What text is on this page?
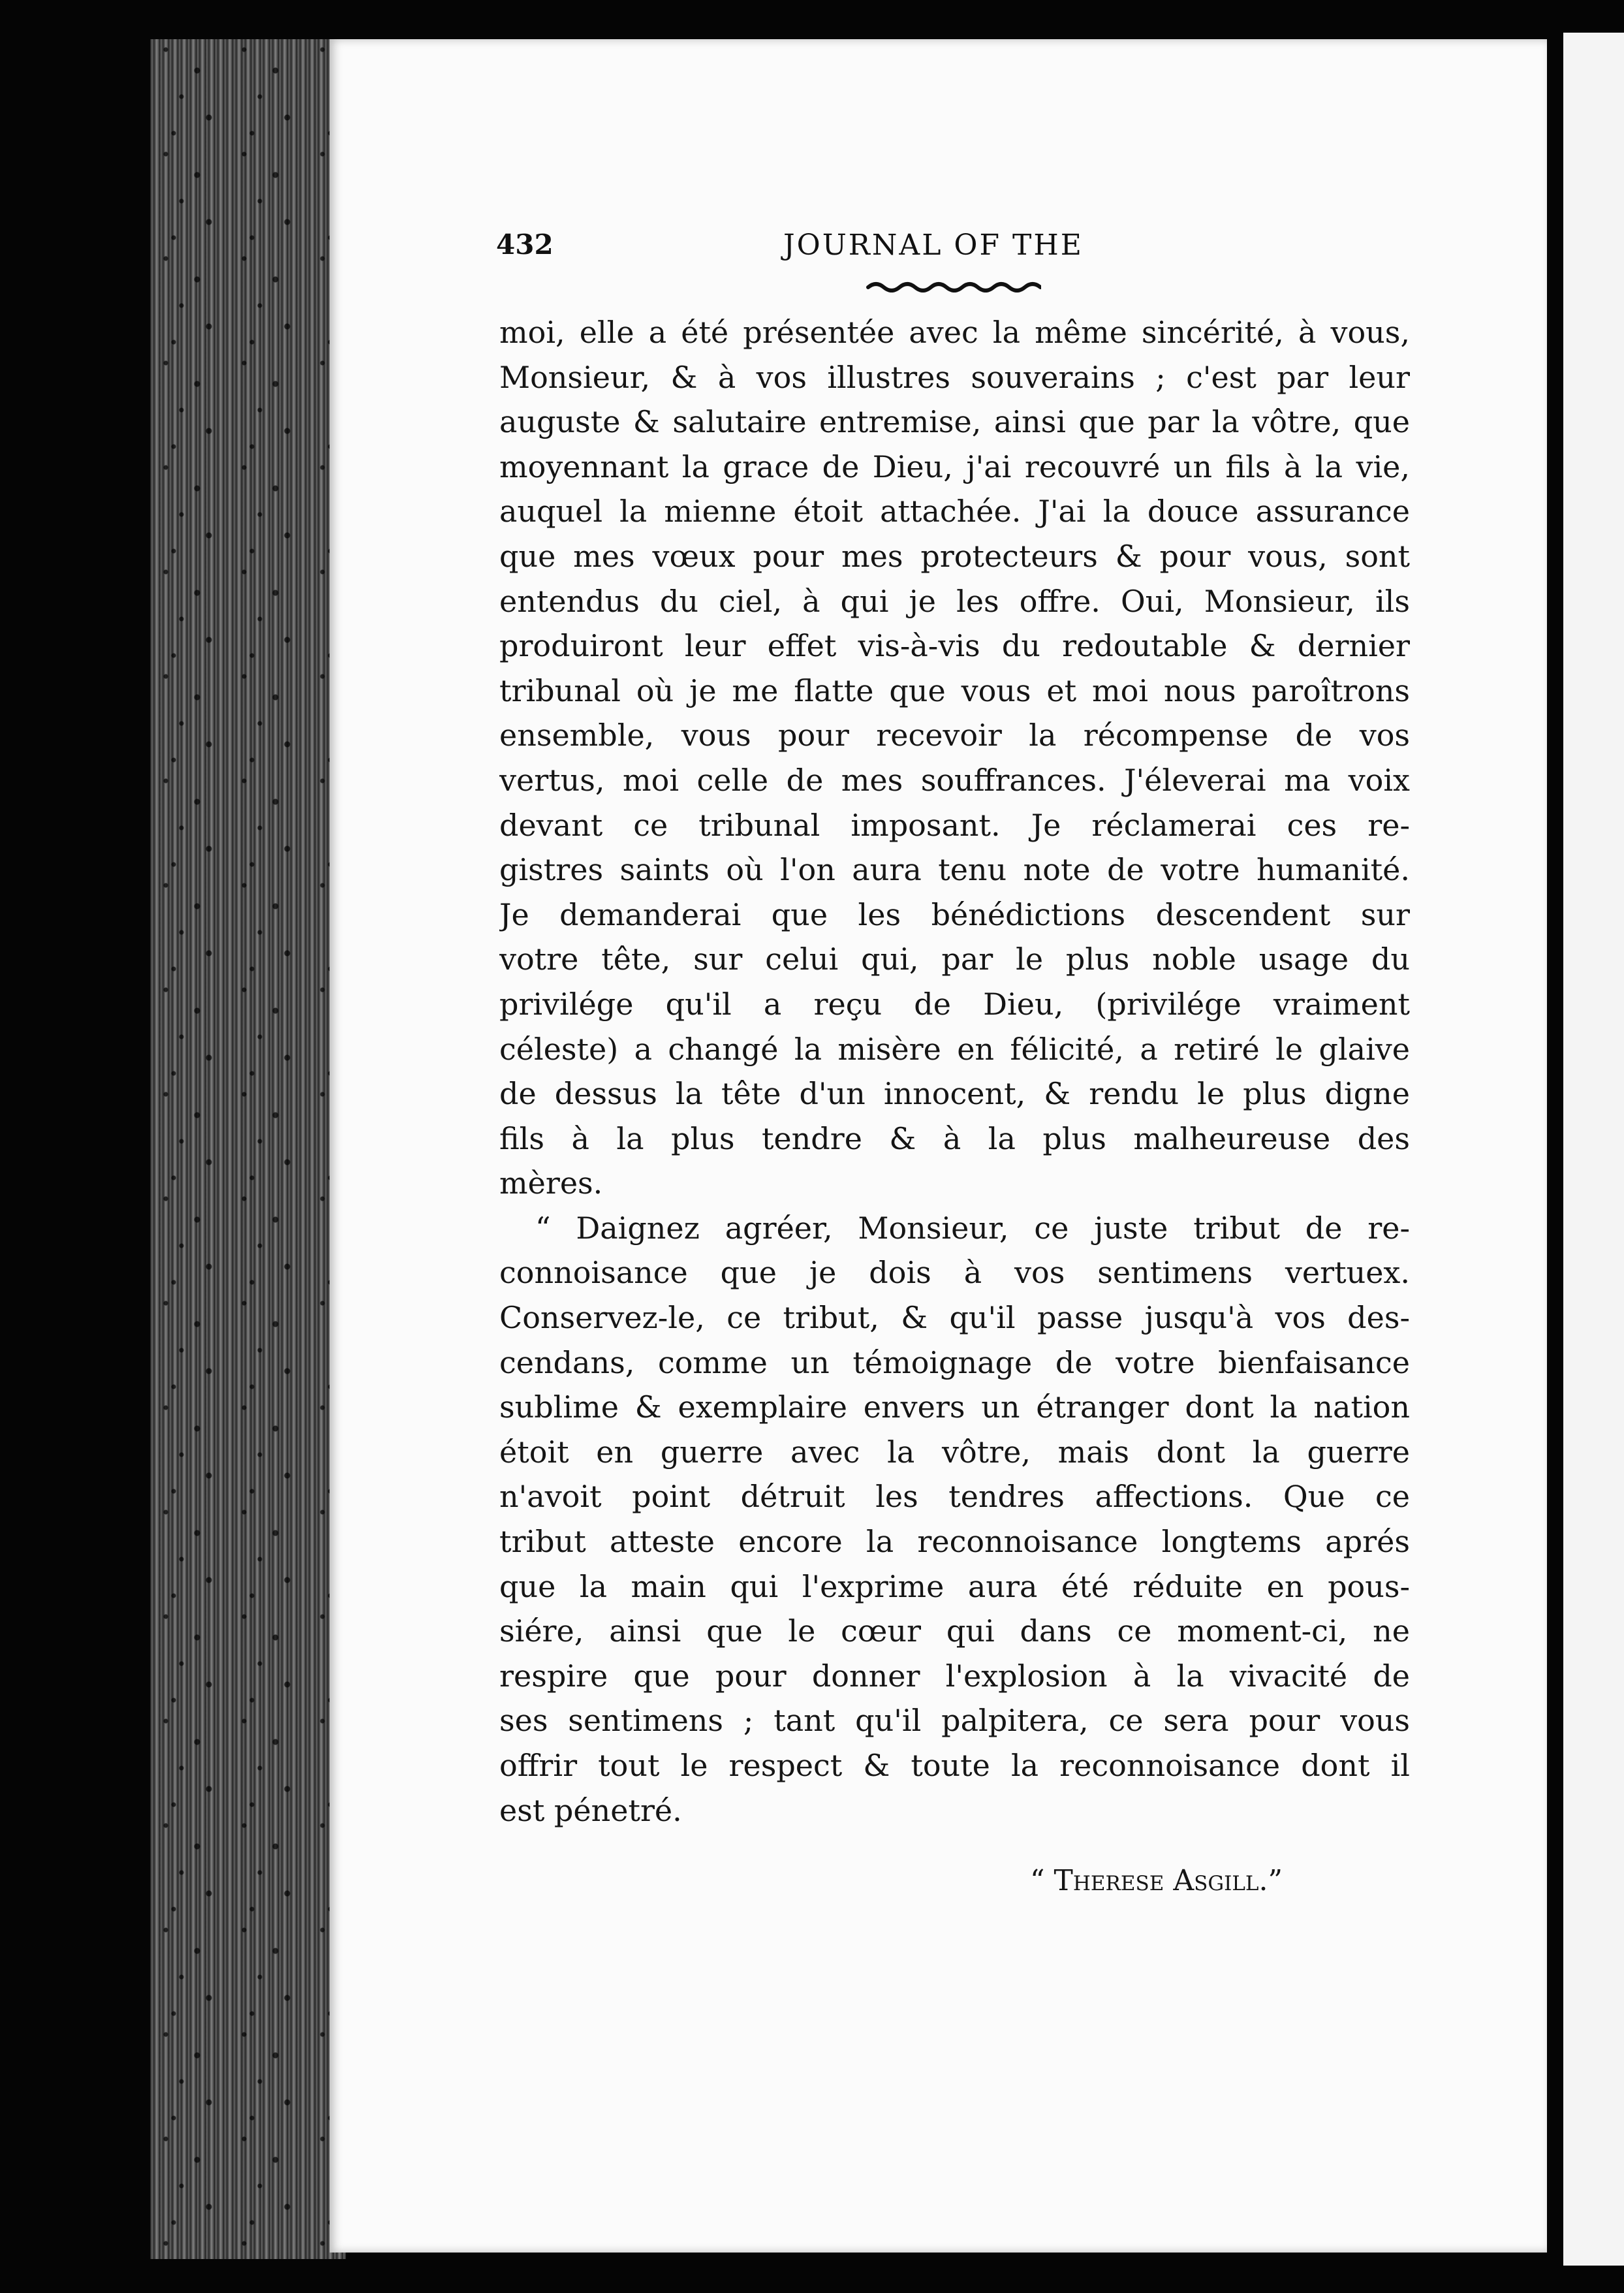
432	JOURNAL OF THE
moi, elle a été présentée avec la même sincérité, à vous,
Monsieur, & à vos illustres souverains ; c'est par leur
auguste & salutaire entremise, ainsi que par la vôtre, que
moyennant la grace de Dieu, j'ai recouvré un fils à la vie,
auquel la mienne étoit attachée. J'ai la douce assurance
que mes vœux pour mes protecteurs & pour vous, sont
entendus du ciel, à qui je les offre. Oui, Monsieur, ils
produiront leur effet vis-à-vis du redoutable & dernier
tribunal où je me flatte que vous et moi nous paroîtrons
ensemble, vous pour recevoir la récompense de vos
vertus, moi celle de mes souffrances. J'éleverai ma voix
devant ce tribunal imposant. Je réclamerai ces re-
gistres saints où l'on aura tenu note de votre humanité.
Je demanderai que les bénédictions descendent sur
votre tête, sur celui qui, par le plus noble usage du
privilége qu'il a reçu de Dieu, (privilége vraiment
céleste) a changé la misère en félicité, a retiré le glaive
de dessus la tête d'un innocent, & rendu le plus digne
fils à la plus tendre & à la plus malheureuse des
mères.
“ Daignez agréer, Monsieur, ce juste tribut de re-
connoisance que je dois à vos sentimens vertuex.
Conservez-le, ce tribut, & qu'il passe jusqu'à vos des-
cendans, comme un témoignage de votre bienfaisance
sublime & exemplaire envers un étranger dont la nation
étoit en guerre avec la vôtre, mais dont la guerre
n'avoit point détruit les tendres affections. Que ce
tribut atteste encore la reconnoisance longtems aprés
que la main qui l'exprime aura été réduite en pous-
siére, ainsi que le cœur qui dans ce moment-ci, ne
respire que pour donner l'explosion à la vivacité de
ses sentimens ; tant qu'il palpitera, ce sera pour vous
offrir tout le respect & toute la reconnoisance dont il
est pénetré.
“ Therese Asgill.”
